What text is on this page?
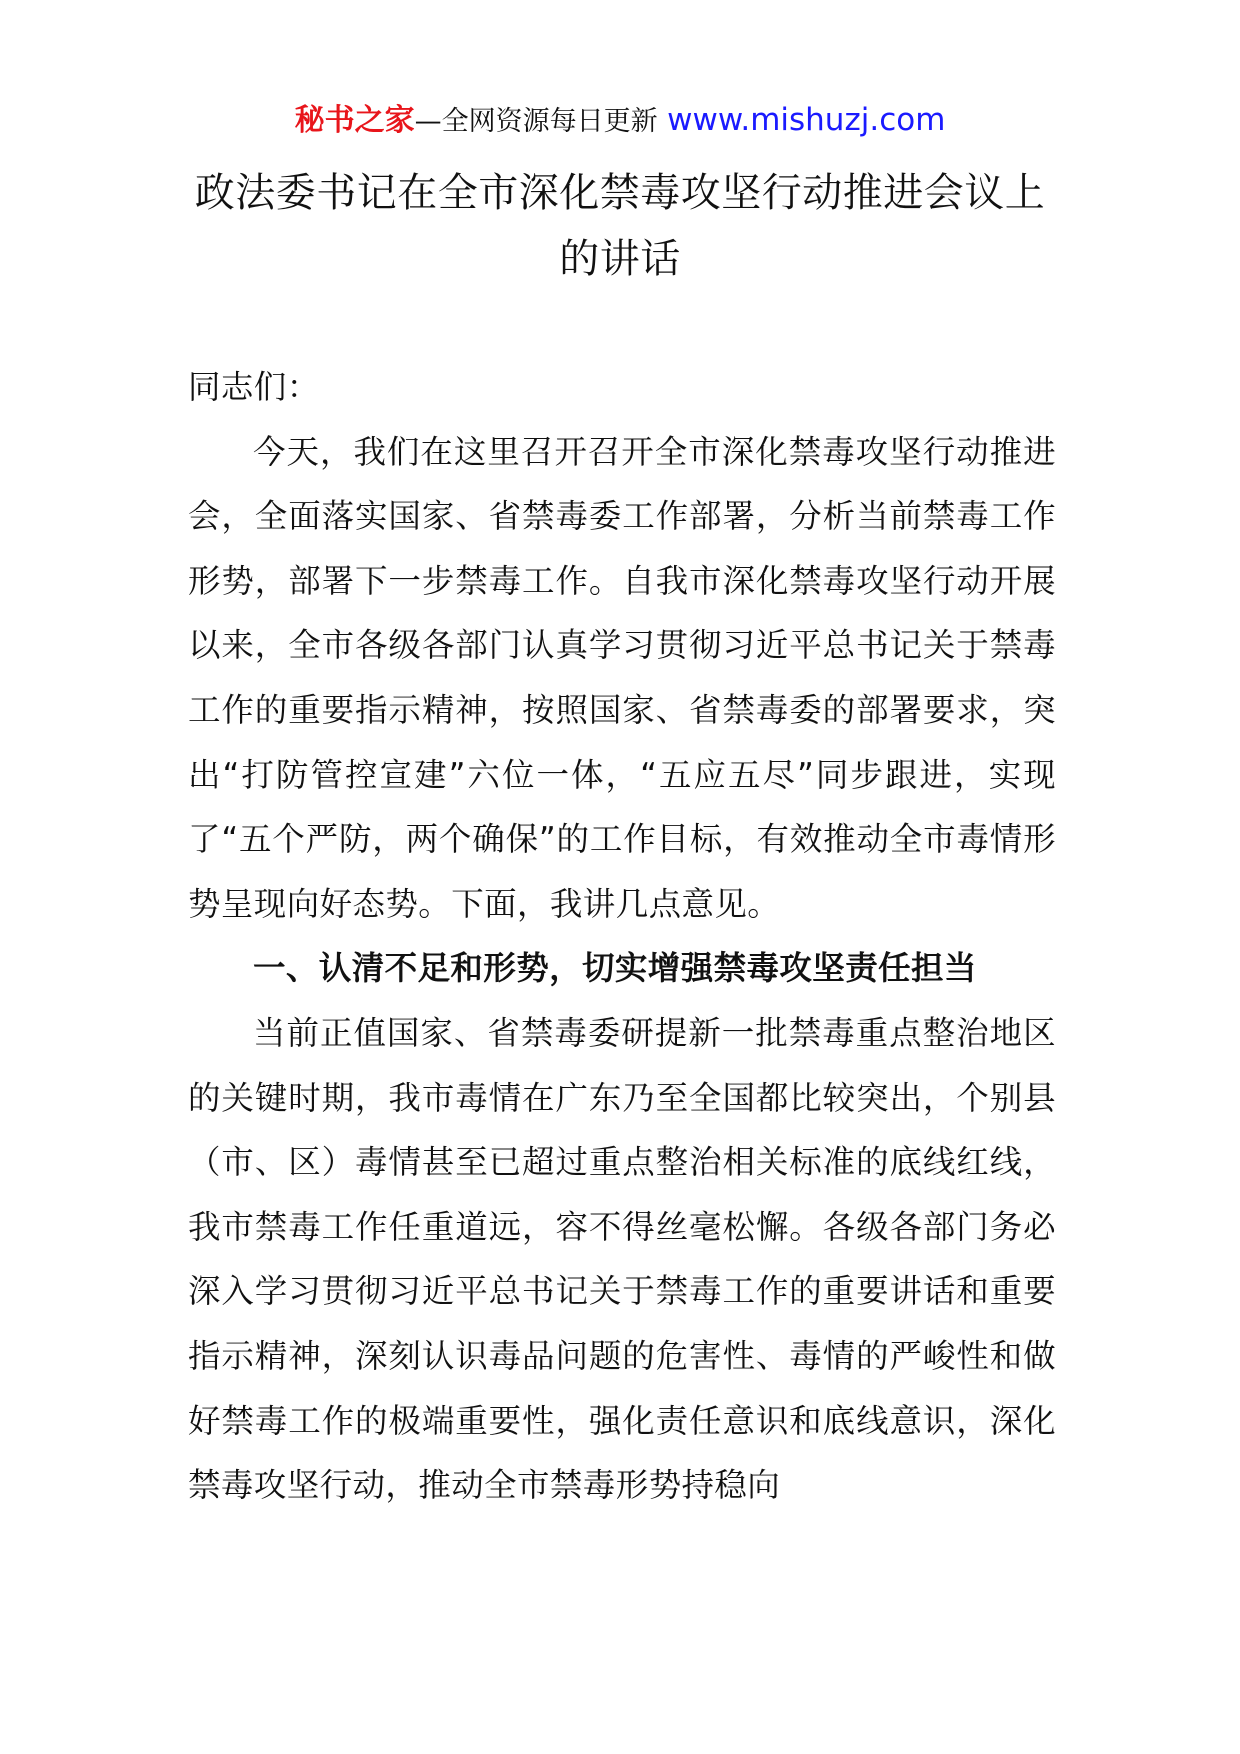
秘书之家—全网资源每日更新 www.mishuzj.com
政法委书记在全市深化禁毒攻坚行动推进会议上的讲话

同志们：

今天，我们在这里召开召开全市深化禁毒攻坚行动推进会，全面落实国家、省禁毒委工作部署，分析当前禁毒工作形势，部署下一步禁毒工作。自我市深化禁毒攻坚行动开展以来，全市各级各部门认真学习贯彻习近平总书记关于禁毒工作的重要指示精神，按照国家、省禁毒委的部署要求，突出“打防管控宣建”六位一体，“五应五尽”同步跟进，实现了“五个严防，两个确保”的工作目标，有效推动全市毒情形势呈现向好态势。下面，我讲几点意见。

一、认清不足和形势，切实增强禁毒攻坚责任担当

当前正值国家、省禁毒委研提新一批禁毒重点整治地区的关键时期，我市毒情在广东乃至全国都比较突出，个别县（市、区）毒情甚至已超过重点整治相关标准的底线红线，我市禁毒工作任重道远，容不得丝毫松懈。各级各部门务必深入学习贯彻习近平总书记关于禁毒工作的重要讲话和重要指示精神，深刻认识毒品问题的危害性、毒情的严峻性和做好禁毒工作的极端重要性，强化责任意识和底线意识，深化禁毒攻坚行动，推动全市禁毒形势持稳向
